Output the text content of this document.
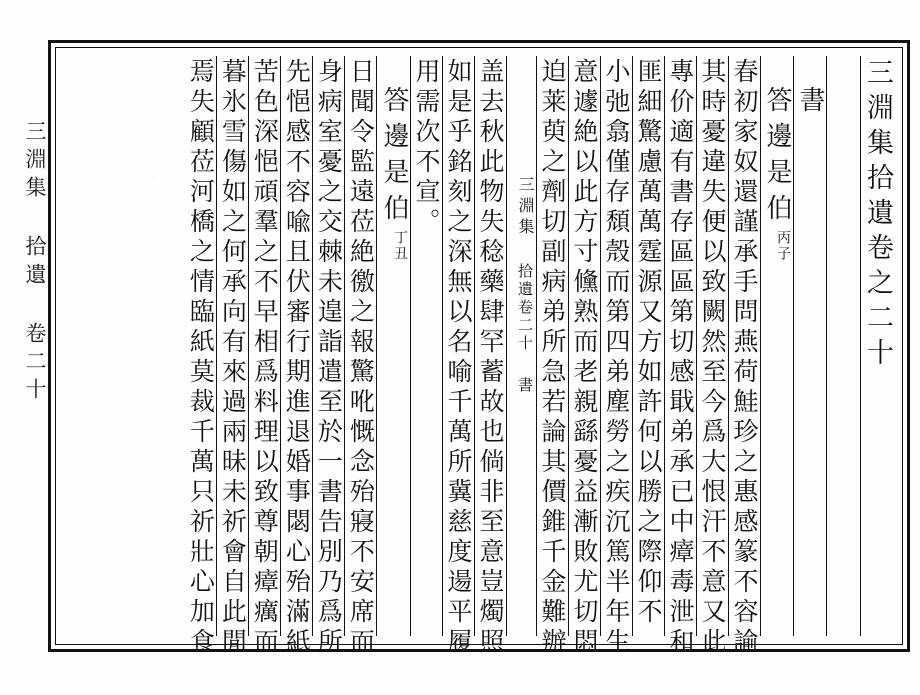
三淵集 拾遺 卷二十	三淵集拾遺卷之二十
書
答邊是伯丙子
春初家奴還謹承手問燕荷鮭珍之惠感篆不容諭
其時憂違失便以致闕然至今爲大恨汗不意又此
專价適有書存區區第切感戢弟承已中瘴毒泄和
匪細驚慮萬萬霆源又方如許何以勝之際仰不
小弛翕僅存頹殼而第四弟塵勞之疾沉篤半年生
意遽絶以此方寸儵熟而老親繇憂益漸敗尤切悶
迫莱萸之劑切副病弟所急若論其價錐千金難辦
三淵集 拾遺卷二十 書
盖去秋此物失稔藥肆罕蓄故也倘非至意豈燭照
如是乎銘刻之深無以名喻千萬所冀慈度逿平履
用需次不宣。
答邊是伯丁丑
日聞令監遠莅絶徼之報驚吪慨念殆寢不安席而
身病室憂之交棘未遑詣遣至於一書告別乃爲所
先悒感不容喩且伏審行期進退婚事閟心殆滿紙
苦色深悒頑羣之不早相爲料理以致尊朝瘴癘而
暮氷雪傷如之何承向有來過兩昧未祈會自此閒
焉失顧莅河橋之情臨紙莫裁千萬只祈壯心加食
